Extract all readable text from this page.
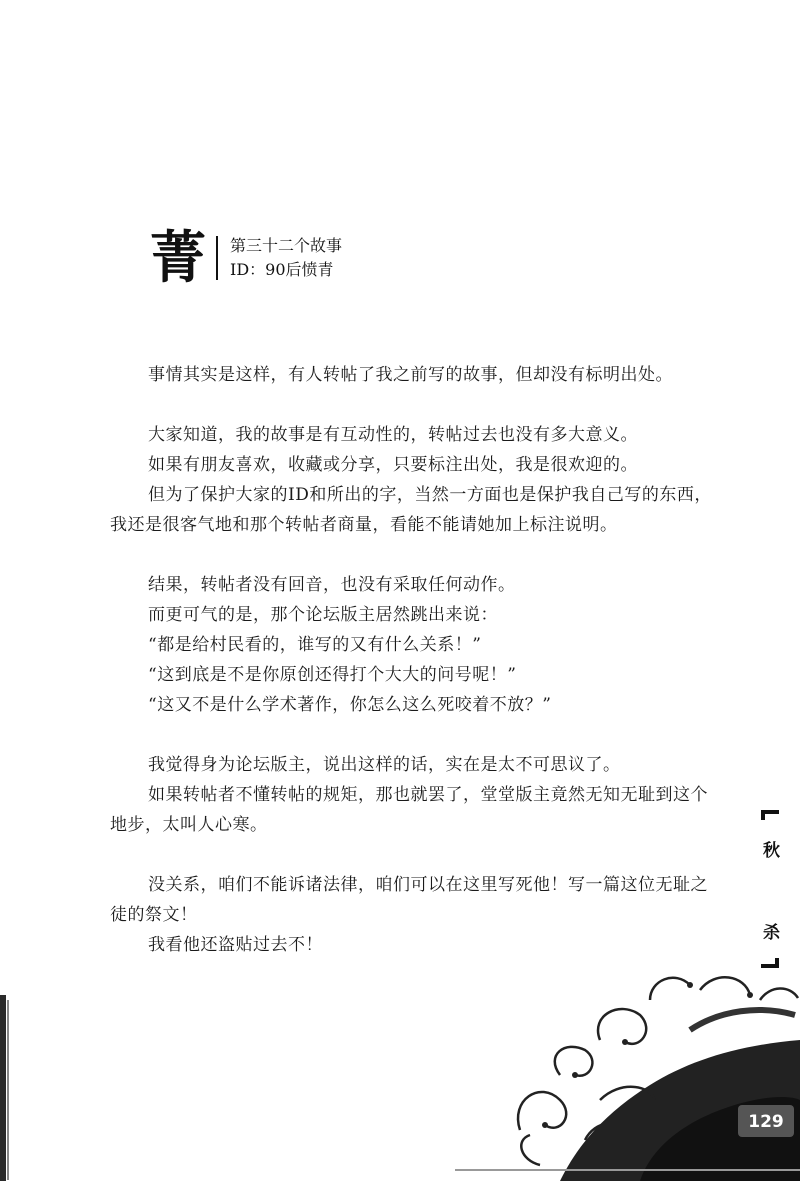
菁 第三十二个故事
ID：90后愤青

事情其实是这样，有人转帖了我之前写的故事，但却没有标明出处。

大家知道，我的故事是有互动性的，转帖过去也没有多大意义。

如果有朋友喜欢，收藏或分享，只要标注出处，我是很欢迎的。

但为了保护大家的ID和所出的字，当然一方面也是保护我自己写的东西，我还是很客气地和那个转帖者商量，看能不能请她加上标注说明。

结果，转帖者没有回音，也没有采取任何动作。

而更可气的是，那个论坛版主居然跳出来说：

“都是给村民看的，谁写的又有什么关系！”

“这到底是不是你原创还得打个大大的问号呢！”

“这又不是什么学术著作，你怎么这么死咬着不放？”

我觉得身为论坛版主，说出这样的话，实在是太不可思议了。

如果转帖者不懂转帖的规矩，那也就罢了，堂堂版主竟然无知无耻到这个地步，太叫人心寒。

没关系，咱们不能诉诸法律，咱们可以在这里写死他！写一篇这位无耻之徒的祭文！

我看他还盗贴过去不！

秋
杀
129
